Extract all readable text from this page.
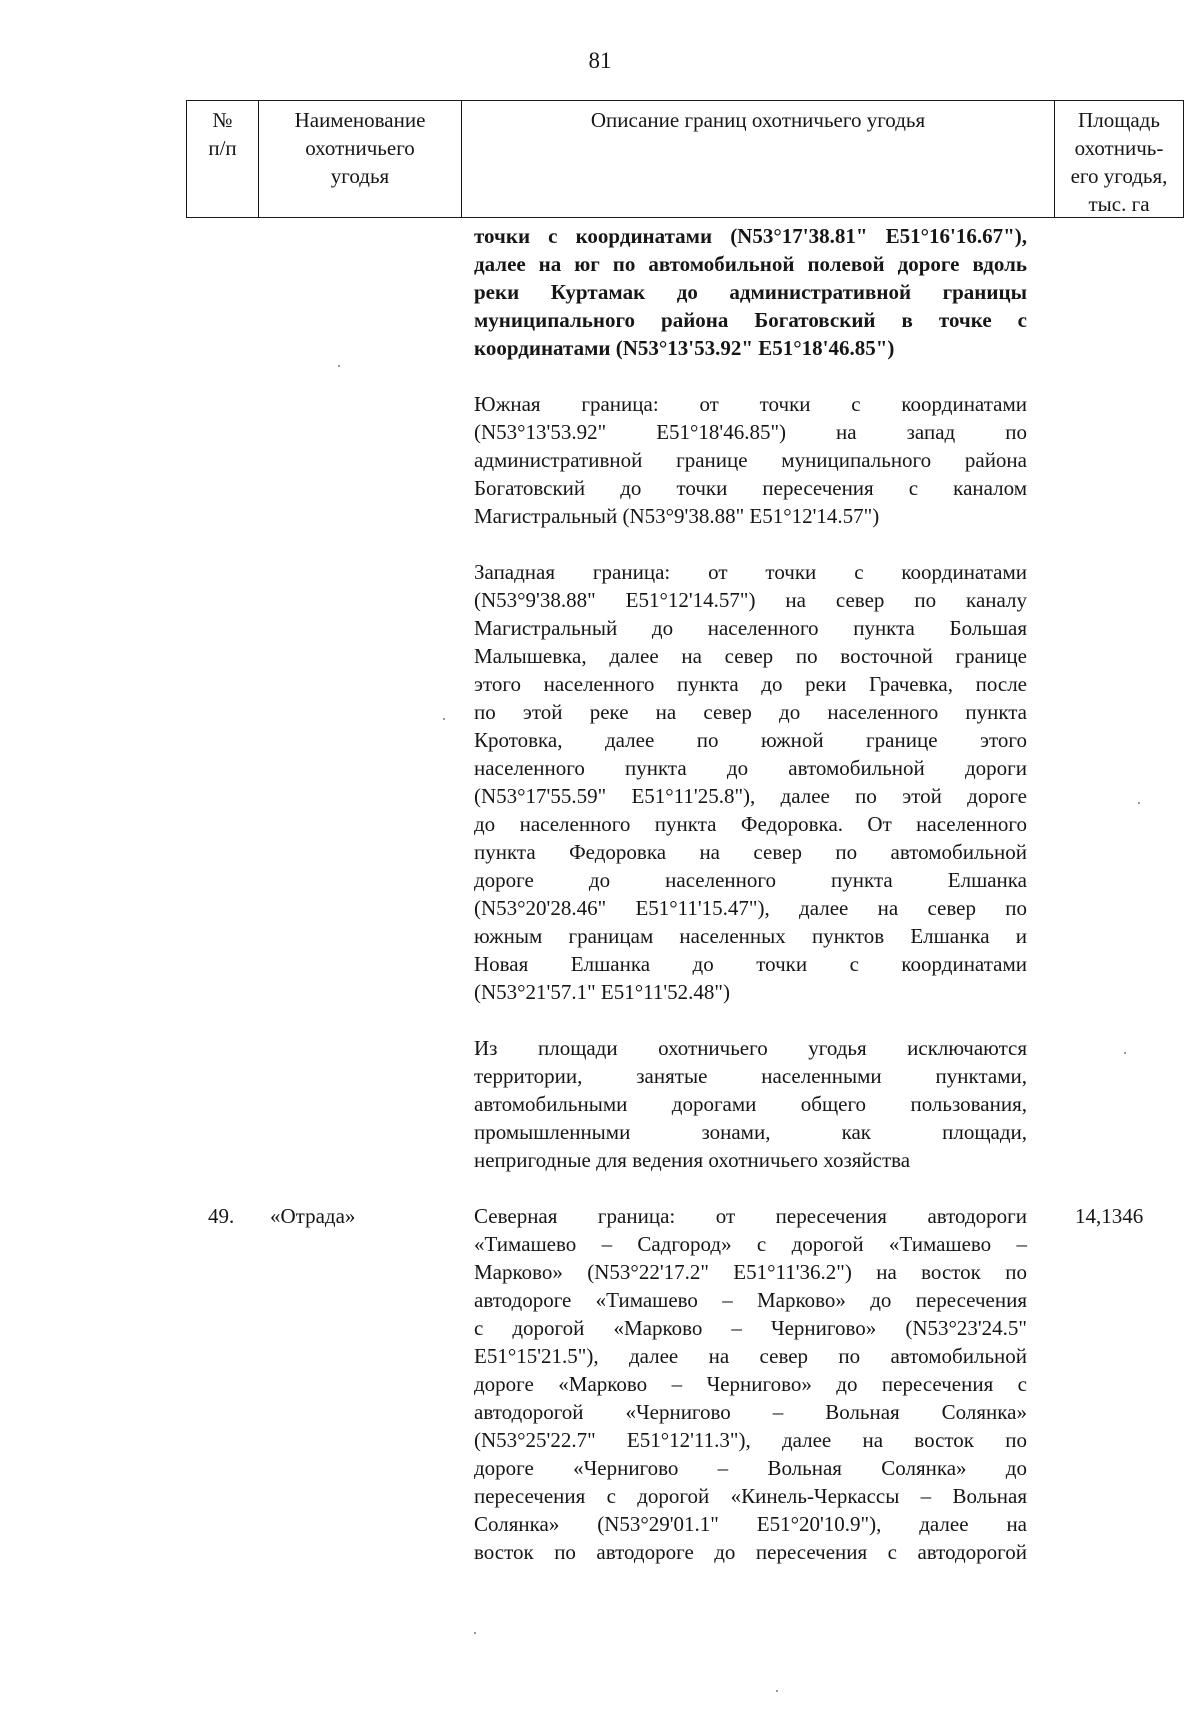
81
№
п/п
Наименование
охотничьего
угодья
Описание границ охотничьего угодья	Площадь
охотничь-
его угодья,
тыс. га
точки с координатами (N53°17'38.81" E51°16'16.67"),
далее на юг по автомобильной полевой дороге вдоль
реки Куртамак до административной границы
муниципального района Богатовский в точке с
координатами (N53°13'53.92" E51°18'46.85")
Южная граница: от точки с координатами
(N53°13'53.92" E51°18'46.85") на запад по
административной границе муниципального района
Богатовский до точки пересечения с каналом
Магистральный (N53°9'38.88" E51°12'14.57")
Западная граница: от точки с координатами
(N53°9'38.88" E51°12'14.57") на север по каналу
Магистральный до населенного пункта Большая
Малышевка, далее на север по восточной границе
этого населенного пункта до реки Грачевка, после
по этой реке на север до населенного пункта
Кротовка, далее по южной границе этого
населенного пункта до автомобильной дороги
(N53°17'55.59" E51°11'25.8"), далее по этой дороге
до населенного пункта Федоровка. От населенного
пункта Федоровка на север по автомобильной
дороге до населенного пункта Елшанка
(N53°20'28.46" E51°11'15.47"), далее на север по
южным границам населенных пунктов Елшанка и
Новая Елшанка до точки с координатами
(N53°21'57.1" E51°11'52.48")
Из площади охотничьего угодья исключаются
территории, занятые населенными пунктами,
автомобильными дорогами общего пользования,
промышленными зонами, как площади,
непригодные для ведения охотничьего хозяйства
49. «Отрада»	14,1346
Северная граница: от пересечения автодороги
«Тимашево – Садгород» с дорогой «Тимашево –
Марково» (N53°22'17.2" E51°11'36.2") на восток по
автодороге «Тимашево – Марково» до пересечения
с дорогой «Марково – Чернигово» (N53°23'24.5"
E51°15'21.5"), далее на север по автомобильной
дороге «Марково – Чернигово» до пересечения с
автодорогой «Чернигово – Вольная Солянка»
(N53°25'22.7" E51°12'11.3"), далее на восток по
дороге «Чернигово – Вольная Солянка» до
пересечения с дорогой «Кинель-Черкассы – Вольная
Солянка» (N53°29'01.1" E51°20'10.9"), далее на
восток по автодороге до пересечения с автодорогой
